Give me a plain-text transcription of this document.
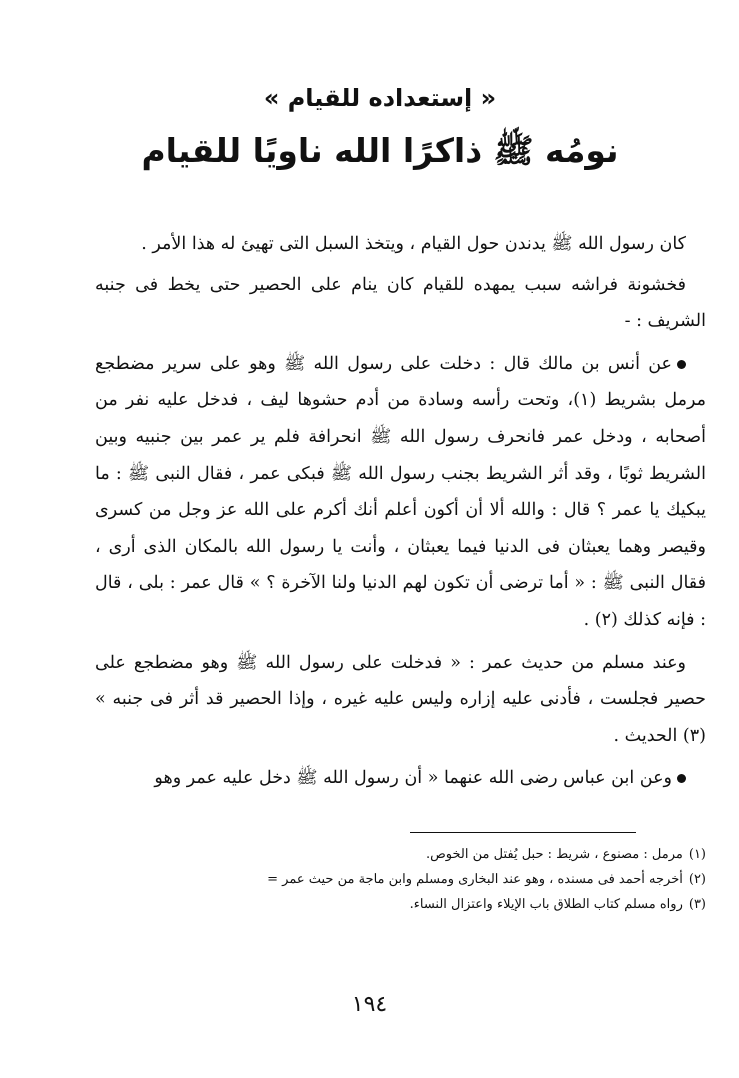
« إستعداده للقيام »
نومُه ﷺ ذاكرًا الله ناويًا للقيام

كان رسول الله ﷺ يدندن حول القيام ، ويتخذ السبل التى تهيئ له هذا الأمر .

فخشونة فراشه سبب يمهده للقيام كان ينام على الحصير حتى يخط فى جنبه الشريف : -

عن أنس بن مالك قال : دخلت على رسول الله ﷺ وهو على سرير مضطجع مرمل بشريط (١)، وتحت رأسه وسادة من أدم حشوها ليف ، فدخل عليه نفر من أصحابه ، ودخل عمر فانحرف رسول الله ﷺ انحرافة فلم ير عمر بين جنبيه وبين الشريط ثوبًا ، وقد أثر الشريط بجنب رسول الله ﷺ فبكى عمر ، فقال النبى ﷺ : ما يبكيك يا عمر ؟ قال : والله ألا أن أكون أعلم أنك أكرم على الله عز وجل من كسرى وقيصر وهما يعبثان فى الدنيا فيما يعبثان ، وأنت يا رسول الله بالمكان الذى أرى ، فقال النبى ﷺ : « أما ترضى أن تكون لهم الدنيا ولنا الآخرة ؟ » قال عمر : بلى ، قال : فإنه كذلك (٢) .

وعند مسلم من حديث عمر : « فدخلت على رسول الله ﷺ وهو مضطجع على حصير فجلست ، فأدنى عليه إزاره وليس عليه غيره ، وإذا الحصير قد أثر فى جنبه » (٣) الحديث .

وعن ابن عباس رضى الله عنهما « أن رسول الله ﷺ دخل عليه عمر وهو

(١)مرمل : مصنوع ، شريط : حبل يُفتل من الخوص.

(٢)أخرجه أحمد فى مسنده ، وهو عند البخارى ومسلم وابن ماجة من حيث عمر =

(٣)رواه مسلم كتاب الطلاق باب الإيلاء واعتزال النساء.

١٩٤
